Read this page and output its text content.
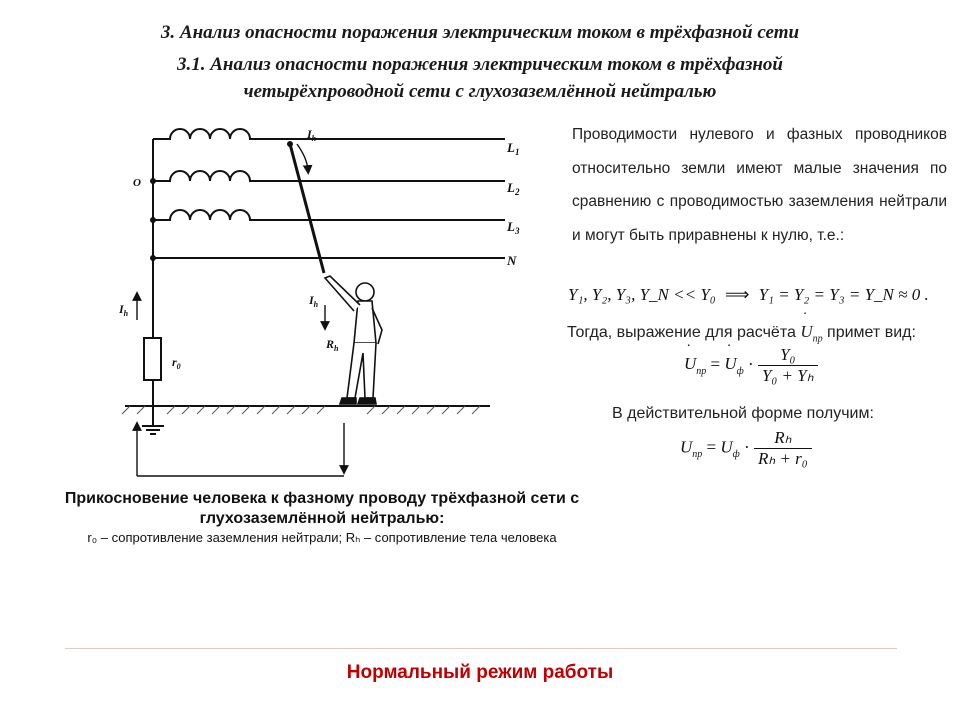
3. Анализ опасности поражения электрическим током в трёхфазной сети
3.1. Анализ опасности поражения электрическим током в трёхфазной
четырёхпроводной сети с глухозаземлённой нейтралью
$L_1$
$L_2$
$L_3$
N
O
$I_h$
$I_h$
$I_h$
$r_0$
$R_h$
Прикосновение человека к фазному проводу трёхфазной сети с
глухозаземлённой нейтралью:
r₀ – сопротивление заземления нейтрали; Rₕ – сопротивление тела человека
Проводимости нулевого и фазных проводников относительно земли имеют малые значения по сравнению с проводимостью заземления нейтрали и могут быть приравнены к нулю, т.е.:
Y₁, Y₂, Y₃, Y_N << Y₀ ⟹ Y₁ = Y₂ = Y₃ = Y_N ≈ 0 .
Тогда, выражение для расчёта ˙ $U_{пр}$ примет вид:
˙ $U_{пр}$ = ˙ $U_ф \cdot \frac{\text{Y₀}}{\text{Y₀ + Yₕ}}$
В действительной форме получим:
$U_{пр} = U_ф \cdot \frac{\text{Rₕ}}{\text{Rₕ + r₀}}$
Нормальный режим работы
